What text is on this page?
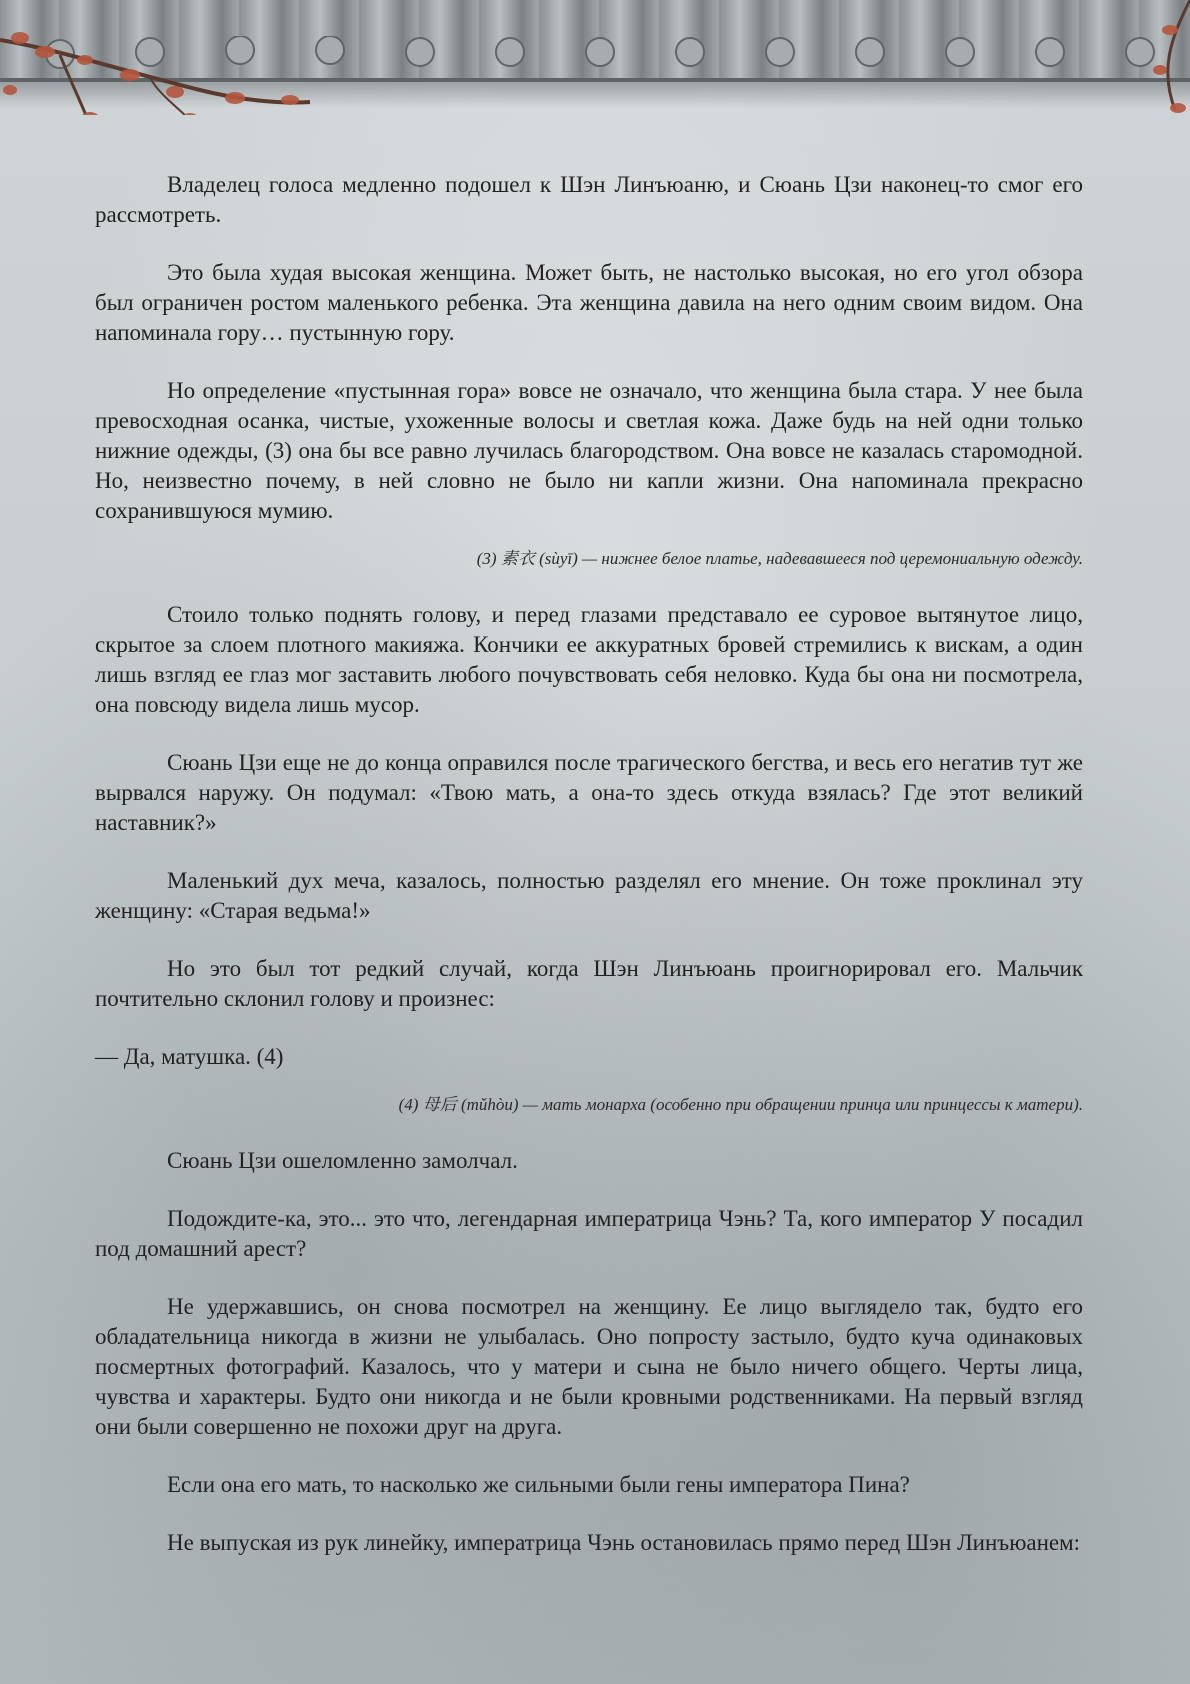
Владелец голоса медленно подошел к Шэн Линъюаню, и Сюань Цзи наконец-то смог его рассмотреть.

Это была худая высокая женщина. Может быть, не настолько высокая, но его угол обзора был ограничен ростом маленького ребенка. Эта женщина давила на него одним своим видом. Она напоминала гору… пустынную гору.

Но определение «пустынная гора» вовсе не означало, что женщина была стара. У нее была превосходная осанка, чистые, ухоженные волосы и светлая кожа. Даже будь на ней одни только нижние одежды, (3) она бы все равно лучилась благородством. Она вовсе не казалась старомодной. Но, неизвестно почему, в ней словно не было ни капли жизни. Она напоминала прекрасно сохранившуюся мумию.

(3) 素衣 (sùyī) — нижнее белое платье, надевавшееся под церемониальную одежду.

Стоило только поднять голову, и перед глазами представало ее суровое вытянутое лицо, скрытое за слоем плотного макияжа. Кончики ее аккуратных бровей стремились к вискам, а один лишь взгляд ее глаз мог заставить любого почувствовать себя неловко. Куда бы она ни посмотрела, она повсюду видела лишь мусор.

Сюань Цзи еще не до конца оправился после трагического бегства, и весь его негатив тут же вырвался наружу. Он подумал: «Твою мать, а она-то здесь откуда взялась? Где этот великий наставник?»

Маленький дух меча, казалось, полностью разделял его мнение. Он тоже проклинал эту женщину: «Старая ведьма!»

Но это был тот редкий случай, когда Шэн Линъюань проигнорировал его. Мальчик почтительно склонил голову и произнес:

— Да, матушка. (4)

(4) 母后 (mǔhòu) — мать монарха (особенно при обращении принца или принцессы к матери).

Сюань Цзи ошеломленно замолчал.

Подождите-ка, это... это что, легендарная императрица Чэнь? Та, кого император У посадил под домашний арест?

Не удержавшись, он снова посмотрел на женщину. Ее лицо выглядело так, будто его обладательница никогда в жизни не улыбалась. Оно попросту застыло, будто куча одинаковых посмертных фотографий. Казалось, что у матери и сына не было ничего общего. Черты лица, чувства и характеры. Будто они никогда и не были кровными родственниками. На первый взгляд они были совершенно не похожи друг на друга.

Если она его мать, то насколько же сильными были гены императора Пина?

Не выпуская из рук линейку, императрица Чэнь остановилась прямо перед Шэн Линъюанем:
